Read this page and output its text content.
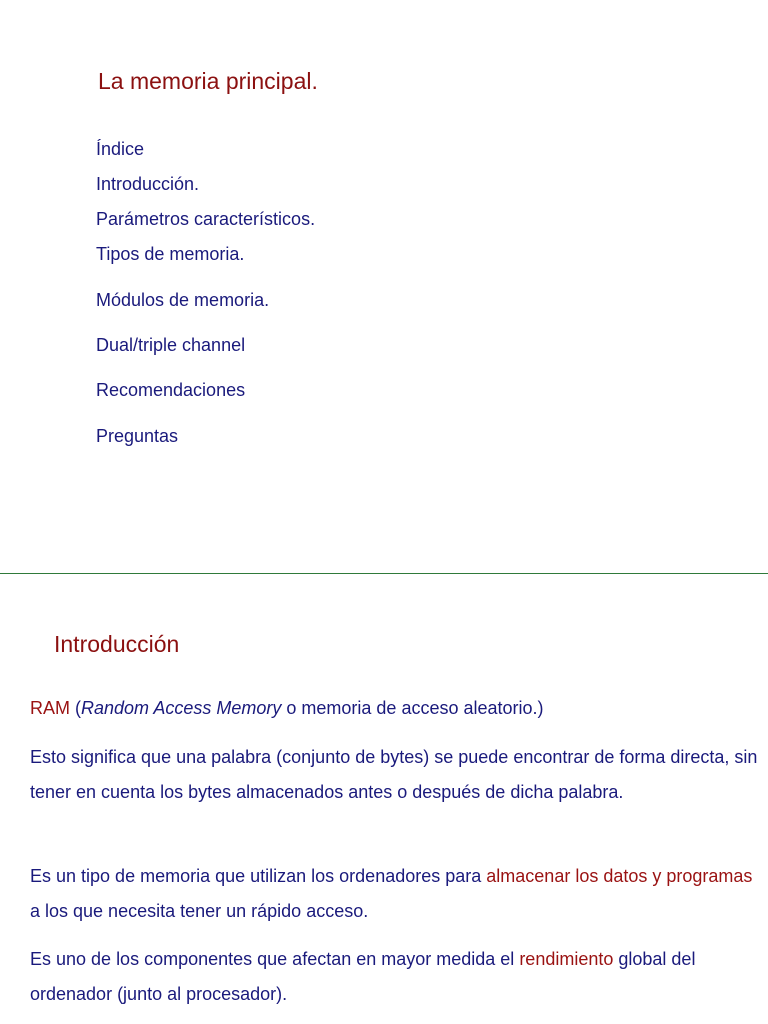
La memoria principal.
Índice
Introducción.
Parámetros característicos.
Tipos de memoria.
Módulos de memoria.
Dual/triple channel
Recomendaciones
Preguntas
Introducción
RAM (Random Access Memory o memoria de acceso aleatorio.)
Esto significa que una palabra (conjunto de bytes) se puede encontrar de forma directa, sin tener en cuenta los bytes almacenados antes o después de dicha palabra.
Es un tipo de memoria que utilizan los ordenadores para almacenar los datos y programas a los que necesita tener un rápido acceso.
Es uno de los componentes que afectan en mayor medida el rendimiento global del ordenador (junto al procesador).
